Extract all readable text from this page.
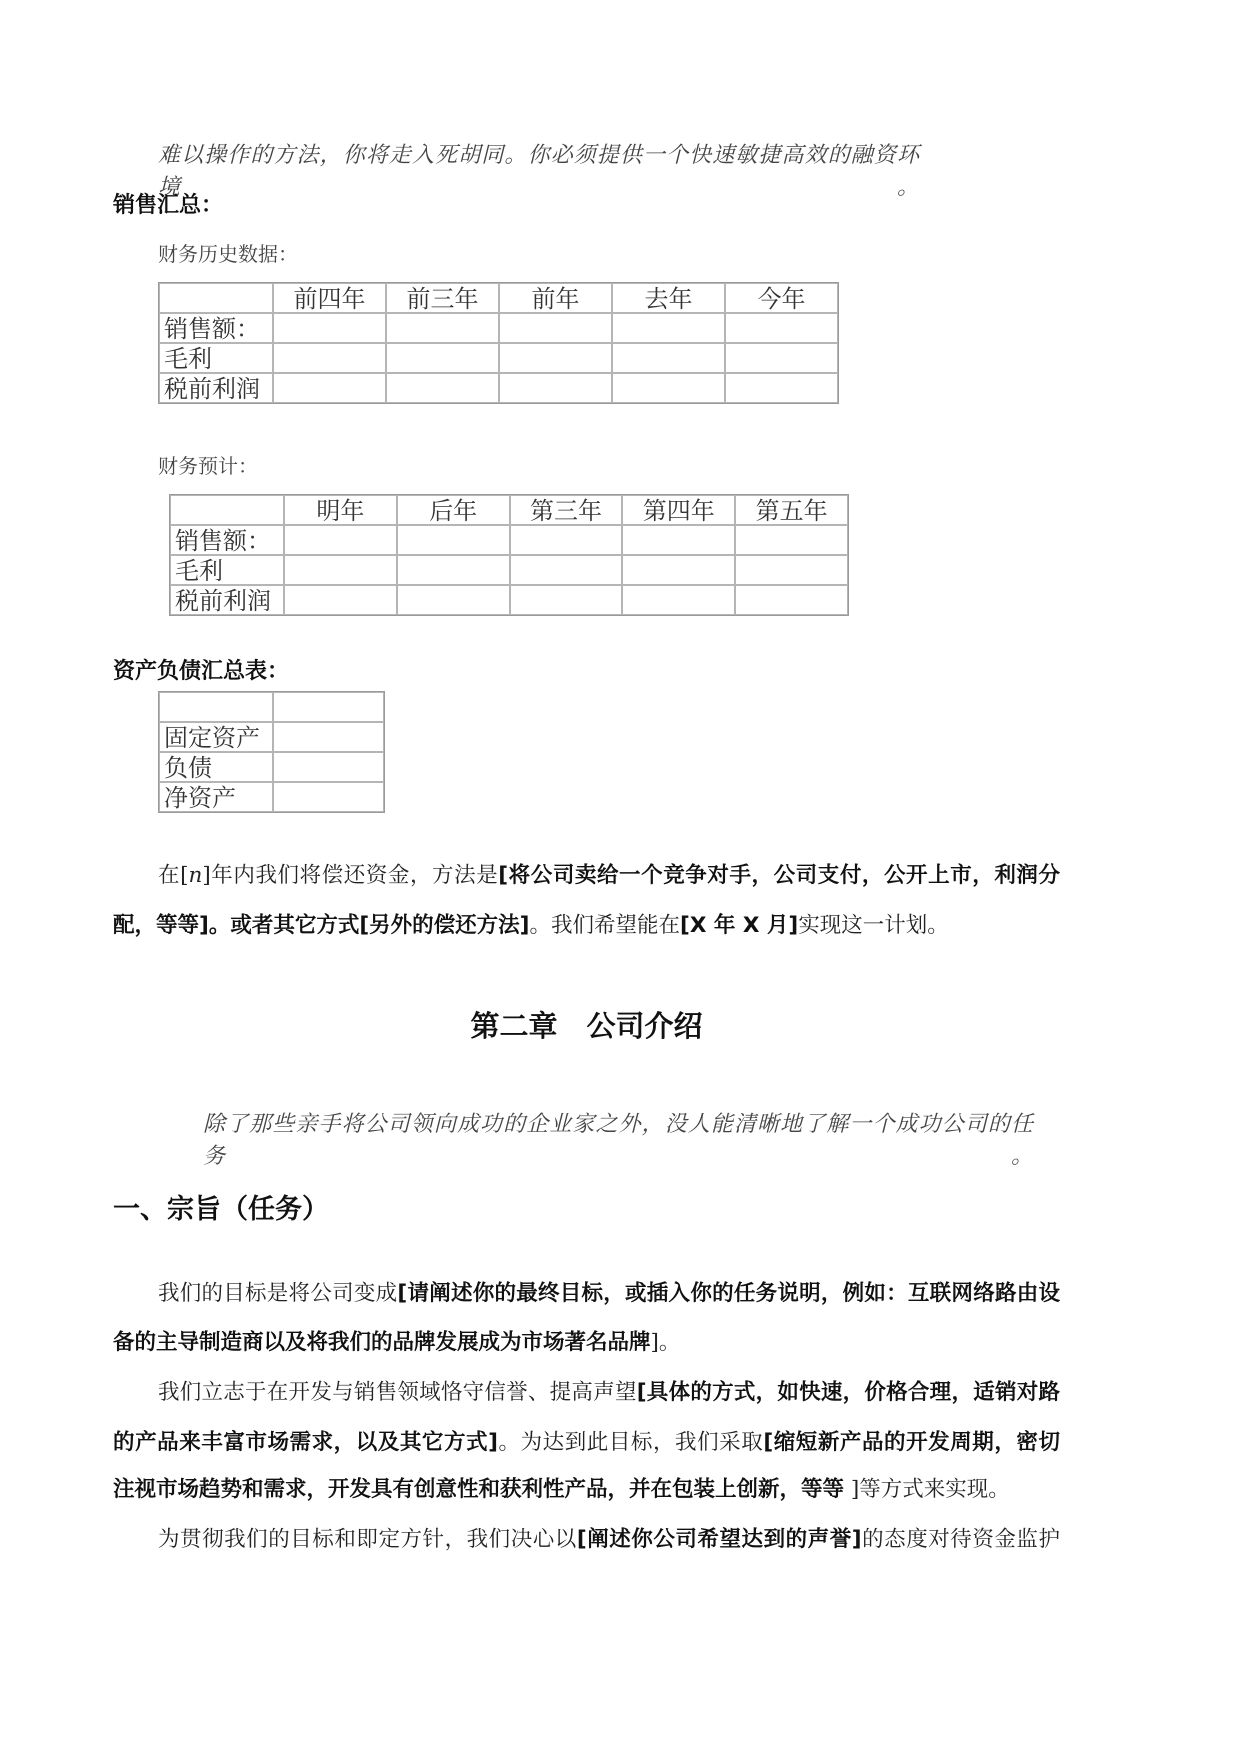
难以操作的方法，你将走入死胡同。你必须提供一个快速敏捷高效的融资环境。
销售汇总：
财务历史数据：
	前四年	前三年	前年	去年	今年
销售额：					
毛利					
税前利润					
财务预计：
	明年	后年	第三年	第四年	第五年
销售额：					
毛利					
税前利润					
资产负债汇总表：

固定资产	
负债	
净资产	
在[n]年内我们将偿还资金，方法是[将公司卖给一个竞争对手，公司支付，公开上市，利润分
配，等等]。或者其它方式[另外的偿还方法]。我们希望能在[X 年 X 月]实现这一计划。
第二章　公司介绍
除了那些亲手将公司领向成功的企业家之外，没人能清晰地了解一个成功公司的任务。
一、宗旨（任务）
我们的目标是将公司变成[请阐述你的最终目标，或插入你的任务说明，例如：互联网络路由设
备的主导制造商以及将我们的品牌发展成为市场著名品牌]。
我们立志于在开发与销售领域恪守信誉、提高声望[具体的方式，如快速，价格合理，适销对路
的产品来丰富市场需求，以及其它方式]。为达到此目标，我们采取[缩短新产品的开发周期，密切
注视市场趋势和需求，开发具有创意性和获利性产品，并在包装上创新，等等 ]等方式来实现。
为贯彻我们的目标和即定方针，我们决心以[阐述你公司希望达到的声誉]的态度对待资金监护
